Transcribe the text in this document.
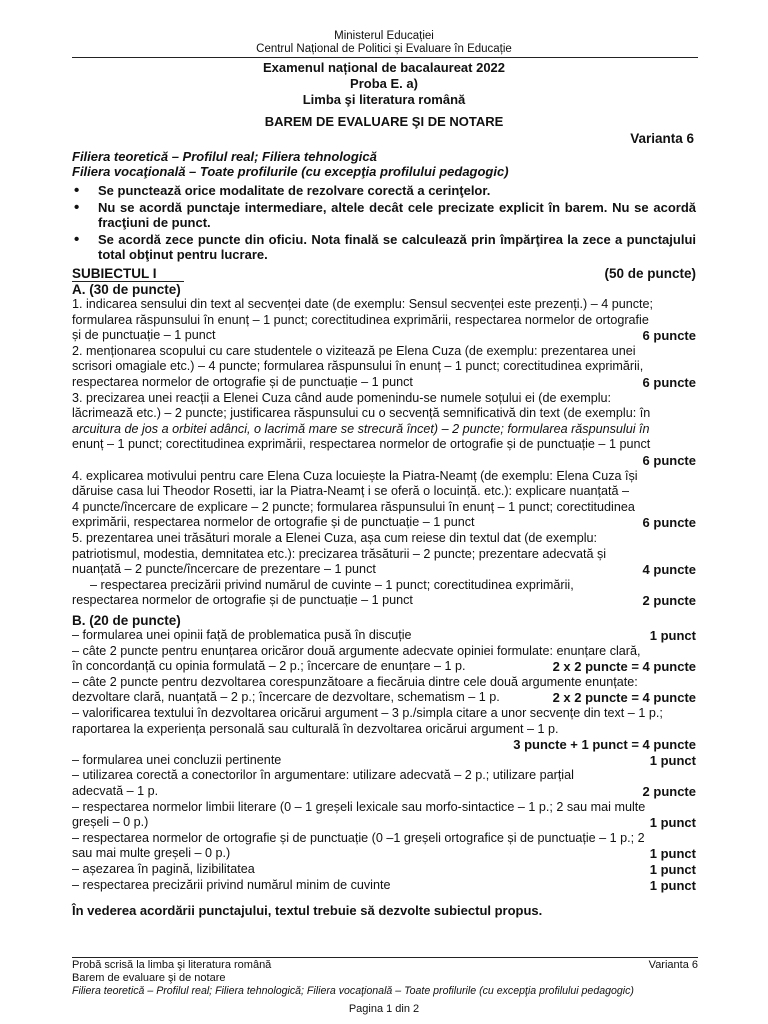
Ministerul Educației
Centrul Național de Politici și Evaluare în Educație
Examenul național de bacalaureat 2022
Proba E. a)
Limba şi literatura română
BAREM DE EVALUARE ŞI DE NOTARE
Varianta 6
Filiera teoretică – Profilul real; Filiera tehnologică
Filiera vocaţională – Toate profilurile (cu excepţia profilului pedagogic)
• Se punctează orice modalitate de rezolvare corectă a cerinţelor.
• Nu se acordă punctaje intermediare, altele decât cele precizate explicit în barem. Nu se acordă fracţiuni de punct.
• Se acordă zece puncte din oficiu. Nota finală se calculează prin împărţirea la zece a punctajului total obţinut pentru lucrare.
SUBIECTUL I	(50 de puncte)
A. (30 de puncte)
1. indicarea sensului din text al secvenței date (de exemplu: Sensul secvenței este prezenți.) – 4 puncte;
formularea răspunsului în enunț – 1 punct; corectitudinea exprimării, respectarea normelor de ortografie
și de punctuație – 1 punct	6 puncte
2. menționarea scopului cu care studentele o vizitează pe Elena Cuza (de exemplu: prezentarea unei
scrisori omagiale etc.) – 4 puncte; formularea răspunsului în enunț – 1 punct; corectitudinea exprimării,
respectarea normelor de ortografie și de punctuație – 1 punct	6 puncte
3. precizarea unei reacții a Elenei Cuza când aude pomenindu-se numele soțului ei (de exemplu:
lăcrimează etc.) – 2 puncte; justificarea răspunsului cu o secvență semnificativă din text (de exemplu: în
arcuitura de jos a orbitei adânci, o lacrimă mare se strecură încet) – 2 puncte; formularea răspunsului în
enunț – 1 punct; corectitudinea exprimării, respectarea normelor de ortografie și de punctuație – 1 punct
6 puncte
4. explicarea motivului pentru care Elena Cuza locuiește la Piatra-Neamț (de exemplu: Elena Cuza își
dăruise casa lui Theodor Rosetti, iar la Piatra-Neamț i se oferă o locuință. etc.): explicare nuanțată –
4 puncte/încercare de explicare – 2 puncte; formularea răspunsului în enunț – 1 punct; corectitudinea
exprimării, respectarea normelor de ortografie și de punctuație – 1 punct	6 puncte
5. prezentarea unei trăsături morale a Elenei Cuza, așa cum reiese din textul dat (de exemplu:
patriotismul, modestia, demnitatea etc.): precizarea trăsăturii – 2 puncte; prezentare adecvată și
nuanțată – 2 puncte/încercare de prezentare – 1 punct	4 puncte
– respectarea precizării privind numărul de cuvinte – 1 punct; corectitudinea exprimării,
respectarea normelor de ortografie și de punctuație – 1 punct	2 puncte
B. (20 de puncte)
– formularea unei opinii față de problematica pusă în discuție	1 punct
– câte 2 puncte pentru enunțarea oricăror două argumente adecvate opiniei formulate: enunțare clară,
în concordanță cu opinia formulată – 2 p.; încercare de enunțare – 1 p.	2 x 2 puncte = 4 puncte
– câte 2 puncte pentru dezvoltarea corespunzătoare a fiecăruia dintre cele două argumente enunțate:
dezvoltare clară, nuanțată – 2 p.; încercare de dezvoltare, schematism – 1 p.	2 x 2 puncte = 4 puncte
– valorificarea textului în dezvoltarea oricărui argument – 3 p./simpla citare a unor secvențe din text – 1 p.;
raportarea la experiența personală sau culturală în dezvoltarea oricărui argument – 1 p.
3 puncte + 1 punct = 4 puncte
– formularea unei concluzii pertinente	1 punct
– utilizarea corectă a conectorilor în argumentare: utilizare adecvată – 2 p.; utilizare parțial
adecvată – 1 p.	2 puncte
– respectarea normelor limbii literare (0 – 1 greșeli lexicale sau morfo-sintactice – 1 p.; 2 sau mai multe
greșeli – 0 p.)	1 punct
– respectarea normelor de ortografie și de punctuație (0 –1 greșeli ortografice și de punctuație – 1 p.; 2
sau mai multe greșeli – 0 p.)	1 punct
– așezarea în pagină, lizibilitatea	1 punct
– respectarea precizării privind numărul minim de cuvinte	1 punct
În vederea acordării punctajului, textul trebuie să dezvolte subiectul propus.
Probă scrisă la limba şi literatura română	Varianta 6
Barem de evaluare şi de notare
Filiera teoretică – Profilul real; Filiera tehnologică; Filiera vocaţională – Toate profilurile (cu excepţia profilului pedagogic)
Pagina 1 din 2
